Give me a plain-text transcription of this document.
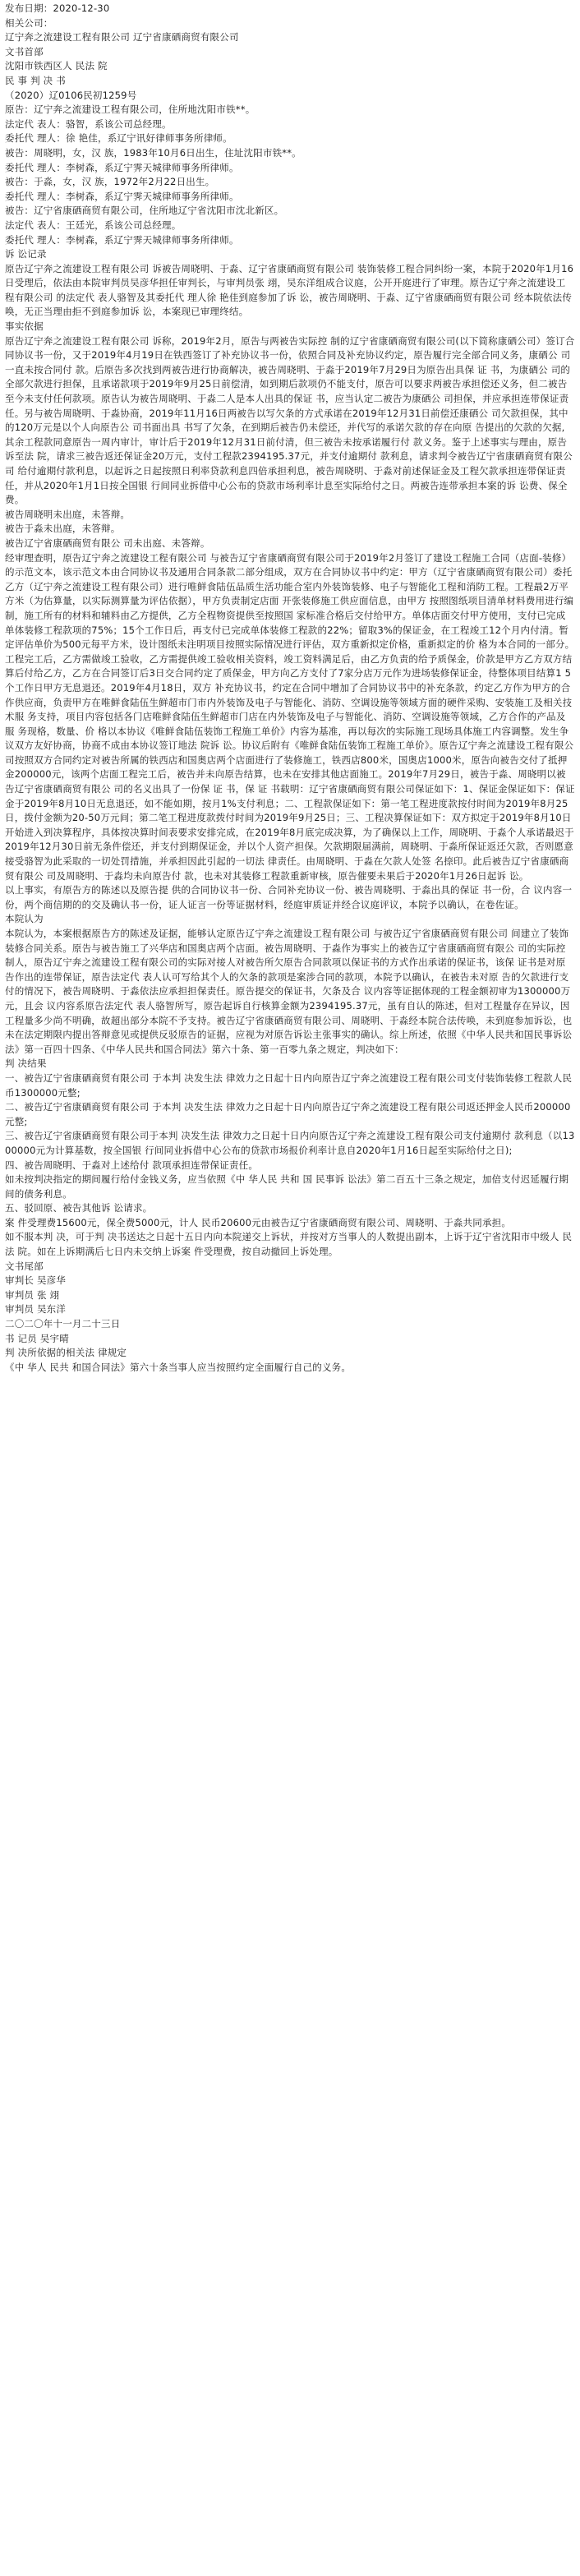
发布日期：2020-12-30

相关公司：

辽宁奔之流建设工程有限公司 辽宁省康硒商贸有限公司

文书首部

沈阳市铁西区人 民法 院

民 事 判 决 书

（2020）辽0106民初1259号

原告：辽宁奔之流建设工程有限公司，住所地沈阳市铁**。

法定代 表人：骆智，系该公司总经理。

委托代 理人：徐 艳佳，系辽宁讯好律师事务所律师。

被告：周晓明，女，汉 族，1983年10月6日出生，住址沈阳市铁**。

委托代 理人：李树森，系辽宁霁天城律师事务所律师。

被告：于淼，女，汉 族，1972年2月22日出生。

委托代 理人：李树森，系辽宁霁天城律师事务所律师。

被告：辽宁省康硒商贸有限公司，住所地辽宁省沈阳市沈北新区。

法定代 表人：王廷光，系该公司总经理。

委托代 理人：李树森，系辽宁霁天城律师事务所律师。

诉 讼记录

原告辽宁奔之流建设工程有限公司 诉被告周晓明、于淼、辽宁省康硒商贸有限公司 装饰装修工程合同纠纷一案，本院于2020年1月16日受理后，依法由本院审判员吴彦华担任审判长，与审判员张 翊，吴东洋组成合议庭，公开开庭进行了审理。原告辽宁奔之流建设工程有限公司 的法定代 表人骆智及其委托代 理人徐 艳佳到庭参加了诉 讼，被告周晓明、于淼、辽宁省康硒商贸有限公司 经本院依法传唤，无正当理由拒不到庭参加诉 讼，本案现已审理终结。

事实依据

原告辽宁奔之流建设工程有限公司 诉称，2019年2月，原告与两被告实际控 制的辽宁省康硒商贸有限公司(以下简称康硒公司）签订合同协议书一份，又于2019年4月19日在铁西签订了补充协议书一份，依照合同及补充协议约定，原告履行完全部合同义务，康硒公 司一直未按合同付 款。后原告多次找到两被告进行协商解决，被告周晓明、于淼于2019年7月29日为原告出具保 证 书，为康硒公 司的全部欠款进行担保，且承诺款项于2019年9月25日前偿清，如到期后款项仍不能支付，原告可以要求两被告承担偿还义务，但二被告至今未支付任何款项。原告认为被告周晓明、于淼二人是本人出具的保证 书，应当认定二被告为康硒公 司担保，并应承担连带保证责任。另与被告周晓明、于淼协商，2019年11月16日两被告以写欠条的方式承诺在2019年12月31日前偿还康硒公 司欠款担保，其中的120万元是以个人向原告公 司书面出具 书写了欠条，在到期后被告仍未偿还，并代写的承诺欠款的存在向原 告提出的欠款的欠据, 其余工程款同意原告一周内审计，审计后于2019年12月31日前付清，但三被告未按承诺履行付 款义务。鉴于上述事实与理由，原告诉至法 院，请求三被告返还保证金20万元，支付工程款2394195.37元，并支付逾期付 款利息，请求判令被告辽宁省康硒商贸有限公司 给付逾期付款利息，以起诉之日起按照日利率贷款利息四倍承担利息，被告周晓明、于淼对前述保证金及工程欠款承担连带保证责任，并从2020年1月1日按全国银 行间同业拆借中心公布的贷款市场利率计息至实际给付之日。两被告连带承担本案的诉 讼费、保全费。

被告周晓明未出庭，未答辩。

被告于淼未出庭，未答辩。

被告辽宁省康硒商贸有限公 司未出庭、未答辩。

经审理查明，原告辽宁奔之流建设工程有限公司 与被告辽宁省康硒商贸有限公司于2019年2月签订了建设工程施工合同（店面-装修）的示范文本，该示范文本由合同协议书及通用合同条款二部分组成，双方在合同协议书中约定：甲方（辽宁省康硒商贸有限公司）委托乙方（辽宁奔之流建设工程有限公司）进行唯鲜食陆伍品质生活功能合室内外装饰装修、电子与智能化工程和消防工程。工程最2万平方米（为估算量，以实际测算量为评估依据），甲方负责制定店面 开张装修施工供应面信息，由甲方 按照图纸项目清单材料费用进行编制，施工所有的材料和辅料由乙方提供，乙方全程物资提供至按照国 家标准合格后交付给甲方。单体店面交付甲方使用，支付已完成单体装修工程款项的75%；15个工作日后，再支付已完成单体装修工程款的22%；留取3%的保证金，在工程竣工12个月内付清。暂定评估单价为500元每平方米，设计图纸未注明项目按照实际情况进行评估，双方重新拟定价格，重新拟定的价 格为本合同的一部分。工程完工后，乙方需做竣工验收，乙方需提供竣工验收相关资料，竣工资料满足后，由乙方负责的给予质保金，价款是甲方乙方双方结算后付给乙方，乙方在合同签订后3日交合同约定了质保金，甲方向乙方支付了7家分店万元作为进场装修保证金，待整体项目结算1 5个工作日甲方无息退还。2019年4月18日，双方 补充协议书，约定在合同中增加了合同协议书中的补充条款，约定乙方作为甲方的合作供应商，负责甲方在唯鲜食陆伍生鲜超市门市内外装饰及电子与智能化、消防、空调设施等领域方面的硬件采购、安装施工及相关技术服 务支持，项目内容包括各门店唯鲜食陆伍生鲜超市门店在内外装饰及电子与智能化、消防、空调设施等领域，乙方合作的产品及服 务现格，数量、价 格以本协议《唯鲜食陆伍装饰工程施工单价》内容为基准，再以每次的实际施工现场具体施工内容调整。发生争议双方友好协商，协商不成由本协议签订地法 院诉 讼。协议后附有《唯鲜食陆伍装饰工程施工单价》。原告辽宁奔之流建设工程有限公 司按照双方合同约定对被告所属的铁西店和国奥店两个店面进行了装修施工，铁西店800米，国奥店1000米，原告向被告交付了抵押金200000元，该两个店面工程完工后，被告并未向原告结算，也未在安排其他店面施工。2019年7月29日，被告于淼、周晓明以被告辽宁省康硒商贸有限公 司的名义出具了一份保 证 书，保 证 书载明：辽宁省康硒商贸有限公司保证如下：1、保证金保证如下：保证金于2019年8月10日无息退还，如不能如期，按月1%支付利息；二、工程款保证如下：第一笔工程进度款按付时间为2019年8月25日，拨付金额为20-50万元间；第二笔工程进度款拨付时间为2019年9月25日；三、工程决算保证如下：双方拟定于2019年8月10日开始进入到决算程序，具体按决算时间表要求安排完成，在2019年8月底完成决算，为了确保以上工作，周晓明、于淼个人承诺最迟于2019年12月30日前无条件偿还，并支付到期保证金，并以个人资产担保。欠款期限届满前，周晓明、于淼所保证返还欠款，否则愿意接受骆智为此采取的一切处罚措施，并承担因此引起的一切法 律责任。由周晓明、于淼在欠款人处签 名捺印。此后被告辽宁省康硒商贸有限公 司及周晓明、于淼均未向原告付 款，也未对其装修工程款重新审核，原告催要未果后于2020年1月26日起诉 讼。

以上事实，有原告方的陈述以及原告提 供的合同协议书一份、合同补充协议一份、被告周晓明、于淼出具的保证 书一份，合 议内容一份，两个商信期的的交及确认书一份，证人证言一份等证据材料，经庭审质证并经合议庭评议，本院予以确认，在卷佐证。

本院认为

本院认为，本案根据原告方的陈述及证据，能够认定原告辽宁奔之流建设工程有限公司 与被告辽宁省康硒商贸有限公司 间建立了装饰装修合同关系。原告与被告施工了兴华店和国奥店两个店面。被告周晓明、于淼作为事实上的被告辽宁省康硒商贸有限公 司的实际控制人，原告辽宁奔之流建设工程有限公司的实际对接人对被告所欠原告合同款项以保证书的方式作出承诺的保证书，该保 证书是对原 告作出的连带保证，原告法定代 表人认可写给其个人的欠条的款项是案涉合同的款项，本院予以确认，在被告未对原 告的欠款进行支付的情况下，被告周晓明、于淼依法应承担担保责任。原告提交的保证书，欠条及合 议内容等证据体现的工程金额初审为1300000万元，且会 议内容系原告法定代 表人骆智所写，原告起诉自行核算金额为2394195.37元，虽有自认的陈述，但对工程量存在异议，因工程量多少尚不明确，故超出部分本院不予支持。被告辽宁省康硒商贸有限公司、周晓明、于淼经本院合法传唤，未到庭参加诉讼，也未在法定期限内提出答辩意见或提供反驳原告的证据，应视为对原告诉讼主张事实的确认。综上所述，依照《中华人民共和国民事诉讼法》第一百四十四条、《中华人民共和国合同法》第六十条、第一百零九条之规定，判决如下：

判 决结果

一、被告辽宁省康硒商贸有限公司 于本判 决发生法 律效力之日起十日内向原告辽宁奔之流建设工程有限公司支付装饰装修工程款人民币1300000元整;

二、被告辽宁省康硒商贸有限公司 于本判 决发生法 律效力之日起十日内向原告辽宁奔之流建设工程有限公司返还押金人民币200000元整;

三、被告辽宁省康硒商贸有限公司于本判 决发生法 律效力之日起十日内向原告辽宁奔之流建设工程有限公司支付逾期付 款利息（以1300000元为计算基数，按全国银 行间同业拆借中心公布的贷款市场报价利率计息自2020年1月16日起至实际给付之日);

四、被告周晓明、于淼对上述给付 款项承担连带保证责任。

如未按判决指定的期间履行给付金钱义务，应当依照《中 华人民 共和 国 民事诉 讼法》第二百五十三条之规定，加倍支付迟延履行期间的债务利息。

五、驳回原、被告其他诉 讼请求。

案 件受理费15600元，保全费5000元，计人 民币20600元由被告辽宁省康硒商贸有限公司、周晓明、于淼共同承担。

如不服本判 决，可于判 决书送达之日起十五日内向本院递交上诉状，并按对方当事人的人数提出副本，上诉于辽宁省沈阳市中级人 民法 院。如在上诉期满后七日内未交纳上诉案 件受理费，按自动撤回上诉处理。

文书尾部

审判长 吴彦华

审判员 张 翊

审判员 吴东洋

二〇二〇年十一月二十三日

书 记员 吴宇晴

判 决所依据的相关法 律规定

《中 华人 民共 和国合同法》第六十条当事人应当按照约定全面履行自己的义务。
